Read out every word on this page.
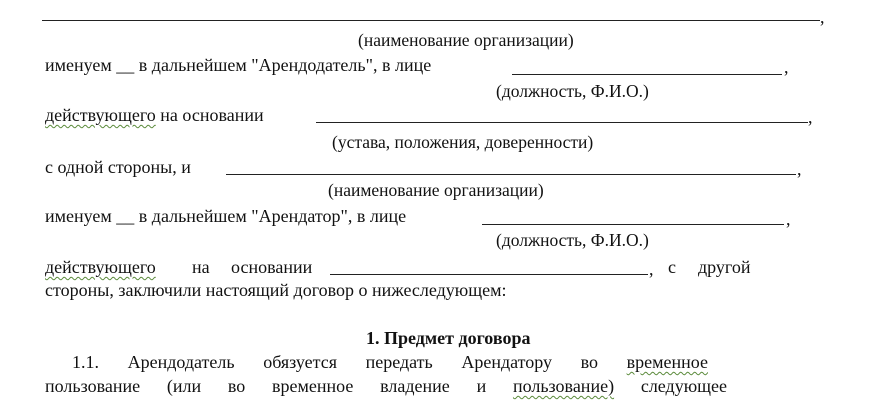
,
(наименование организации)
именуем __ в дальнейшем "Арендодатель", в лице	,
(должность, Ф.И.О.)
действующего на основании	,
(устава, положения, доверенности)
с одной стороны, и	,
(наименование организации)
именуем __ в дальнейшем "Арендатор", в лице	,
(должность, Ф.И.О.)
действующего на основании	, с другой
стороны, заключили настоящий договор о нижеследующем:
1. Предмет договора
1.1. Арендодатель обязуется передать Арендатору во временное
пользование (или во временное владение и пользование) следующее
